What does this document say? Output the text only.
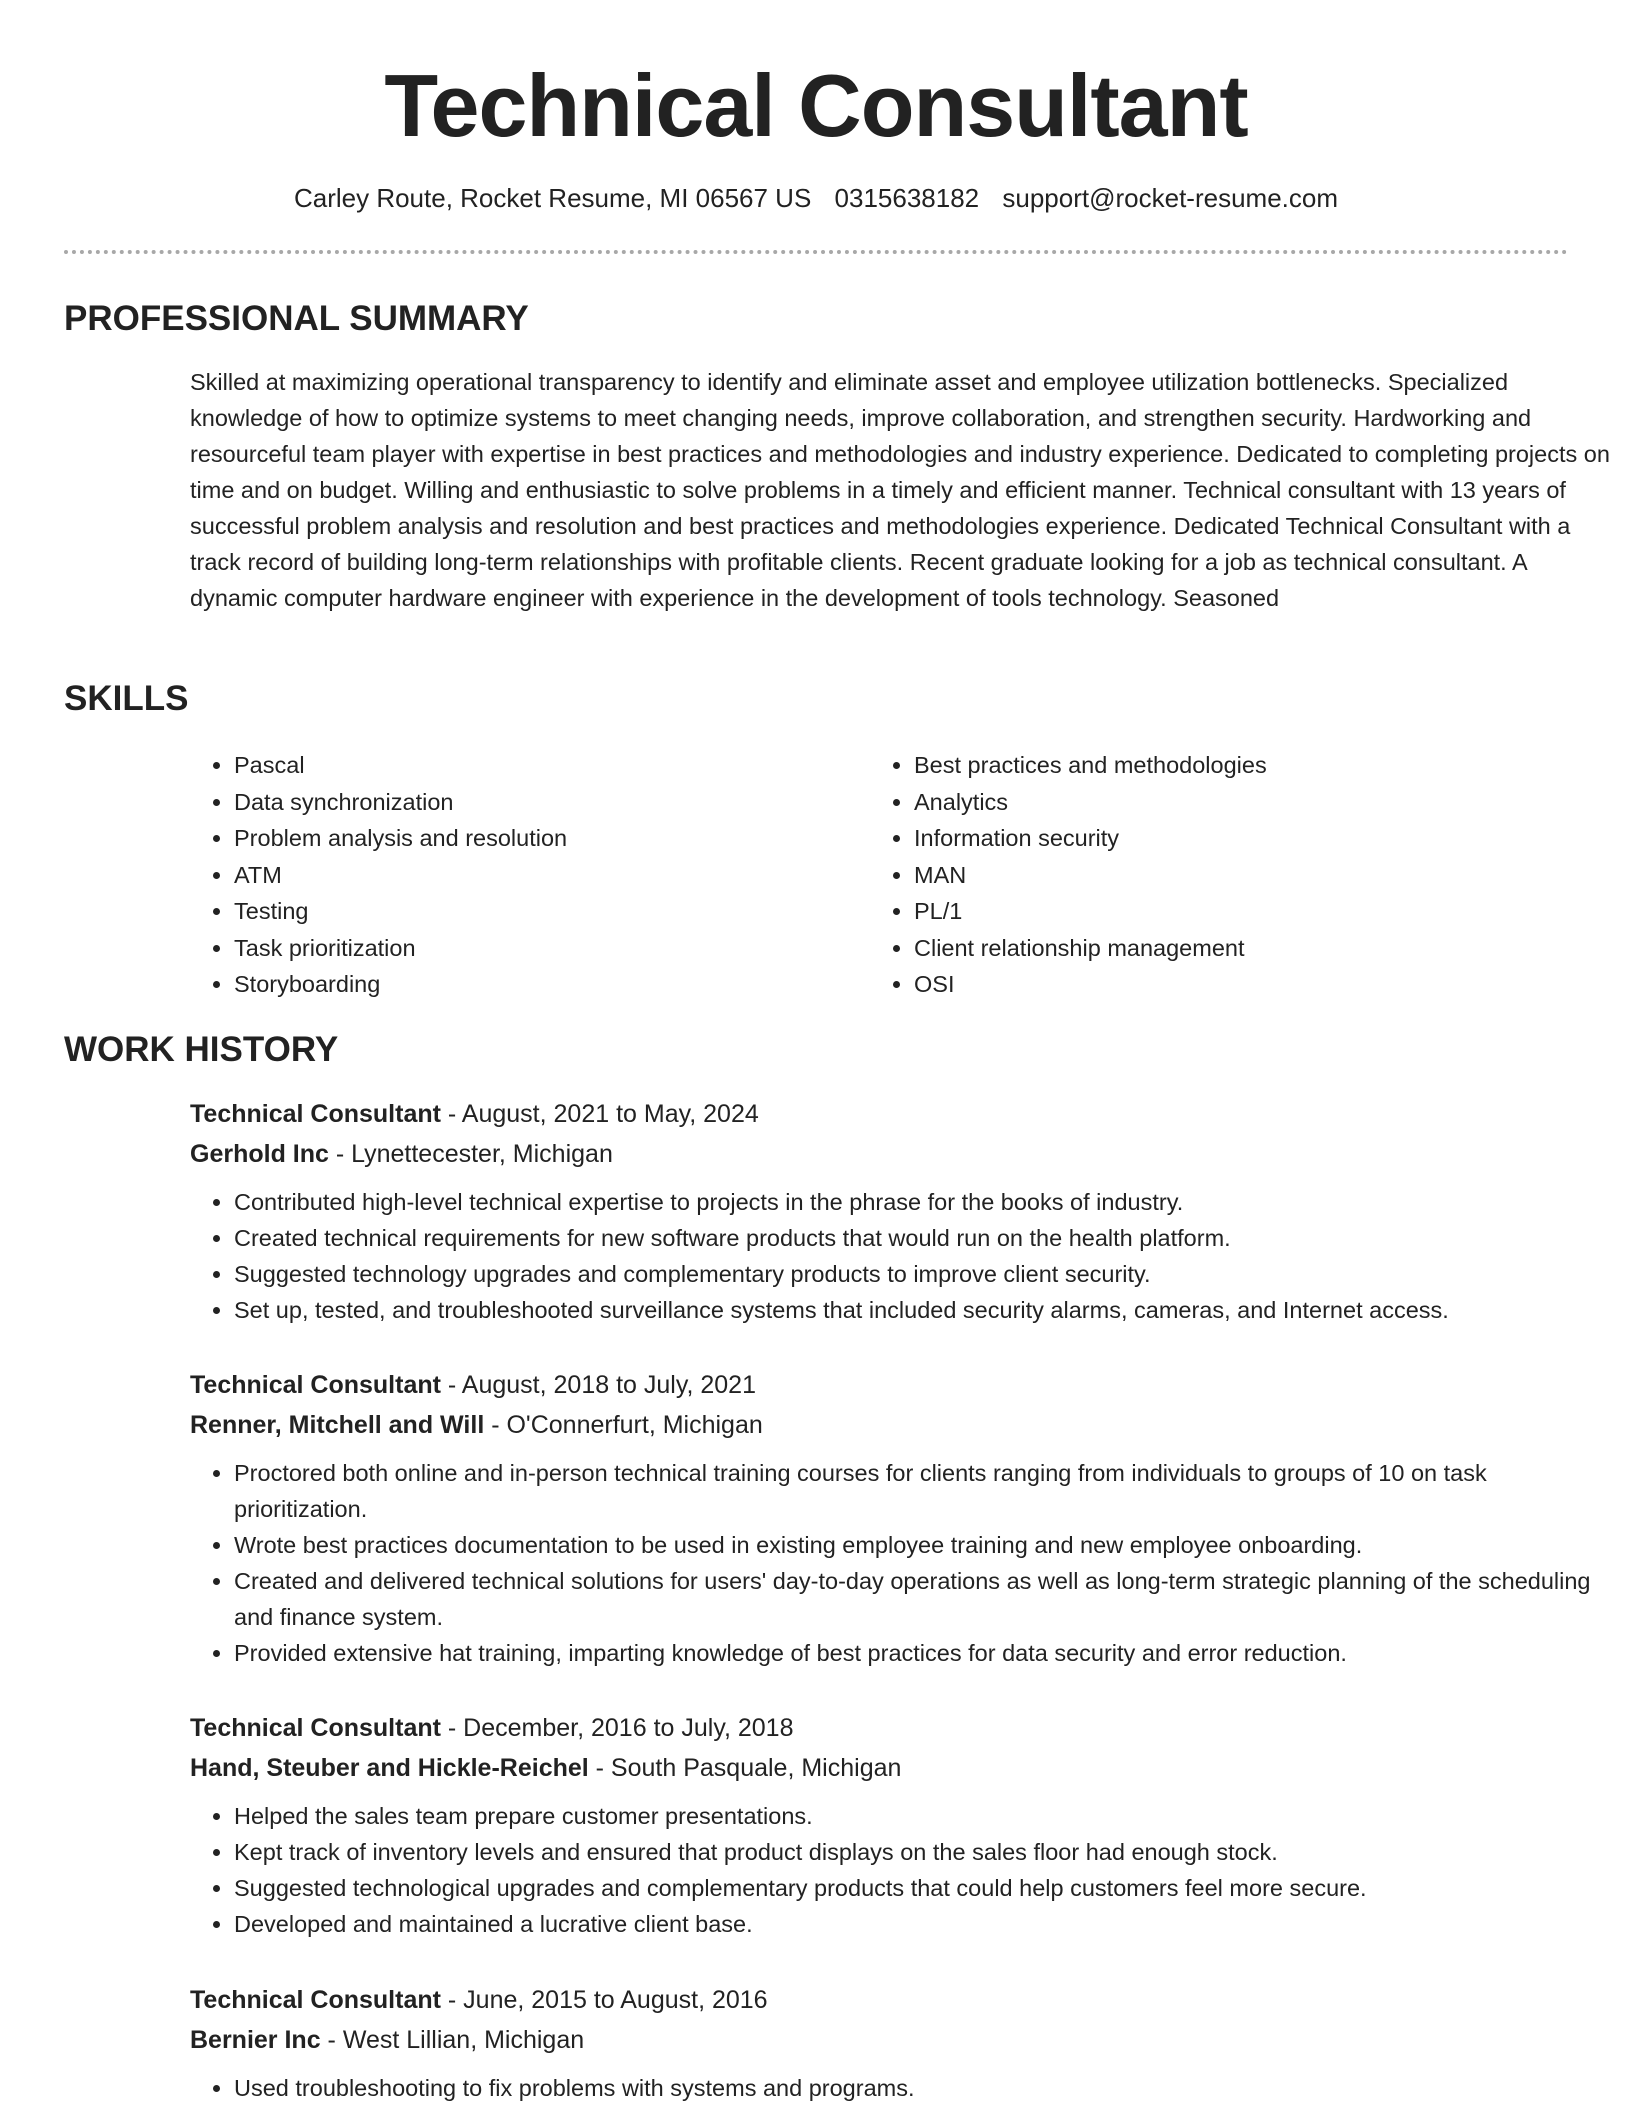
Technical Consultant
Carley Route, Rocket Resume, MI 06567 US 0315638182 support@rocket-resume.com
PROFESSIONAL SUMMARY
Skilled at maximizing operational transparency to identify and eliminate asset and employee utilization bottlenecks. Specialized knowledge of how to optimize systems to meet changing needs, improve collaboration, and strengthen security. Hardworking and resourceful team player with expertise in best practices and methodologies and industry experience. Dedicated to completing projects on time and on budget. Willing and enthusiastic to solve problems in a timely and efficient manner. Technical consultant with 13 years of successful problem analysis and resolution and best practices and methodologies experience. Dedicated Technical Consultant with a track record of building long-term relationships with profitable clients. Recent graduate looking for a job as technical consultant. A dynamic computer hardware engineer with experience in the development of tools technology. Seasoned
SKILLS
• Pascal
• Data synchronization
• Problem analysis and resolution
• ATM
• Testing
• Task prioritization
• Storyboarding
• Best practices and methodologies
• Analytics
• Information security
• MAN
• PL/1
• Client relationship management
• OSI
WORK HISTORY
Technical Consultant - August, 2021 to May, 2024
Gerhold Inc - Lynettecester, Michigan
• Contributed high-level technical expertise to projects in the phrase for the books of industry.
• Created technical requirements for new software products that would run on the health platform.
• Suggested technology upgrades and complementary products to improve client security.
• Set up, tested, and troubleshooted surveillance systems that included security alarms, cameras, and Internet access.
Technical Consultant - August, 2018 to July, 2021
Renner, Mitchell and Will - O'Connerfurt, Michigan
• Proctored both online and in-person technical training courses for clients ranging from individuals to groups of 10 on task prioritization.
• Wrote best practices documentation to be used in existing employee training and new employee onboarding.
• Created and delivered technical solutions for users' day-to-day operations as well as long-term strategic planning of the scheduling and finance system.
• Provided extensive hat training, imparting knowledge of best practices for data security and error reduction.
Technical Consultant - December, 2016 to July, 2018
Hand, Steuber and Hickle-Reichel - South Pasquale, Michigan
• Helped the sales team prepare customer presentations.
• Kept track of inventory levels and ensured that product displays on the sales floor had enough stock.
• Suggested technological upgrades and complementary products that could help customers feel more secure.
• Developed and maintained a lucrative client base.
Technical Consultant - June, 2015 to August, 2016
Bernier Inc - West Lillian, Michigan
• Used troubleshooting to fix problems with systems and programs.
